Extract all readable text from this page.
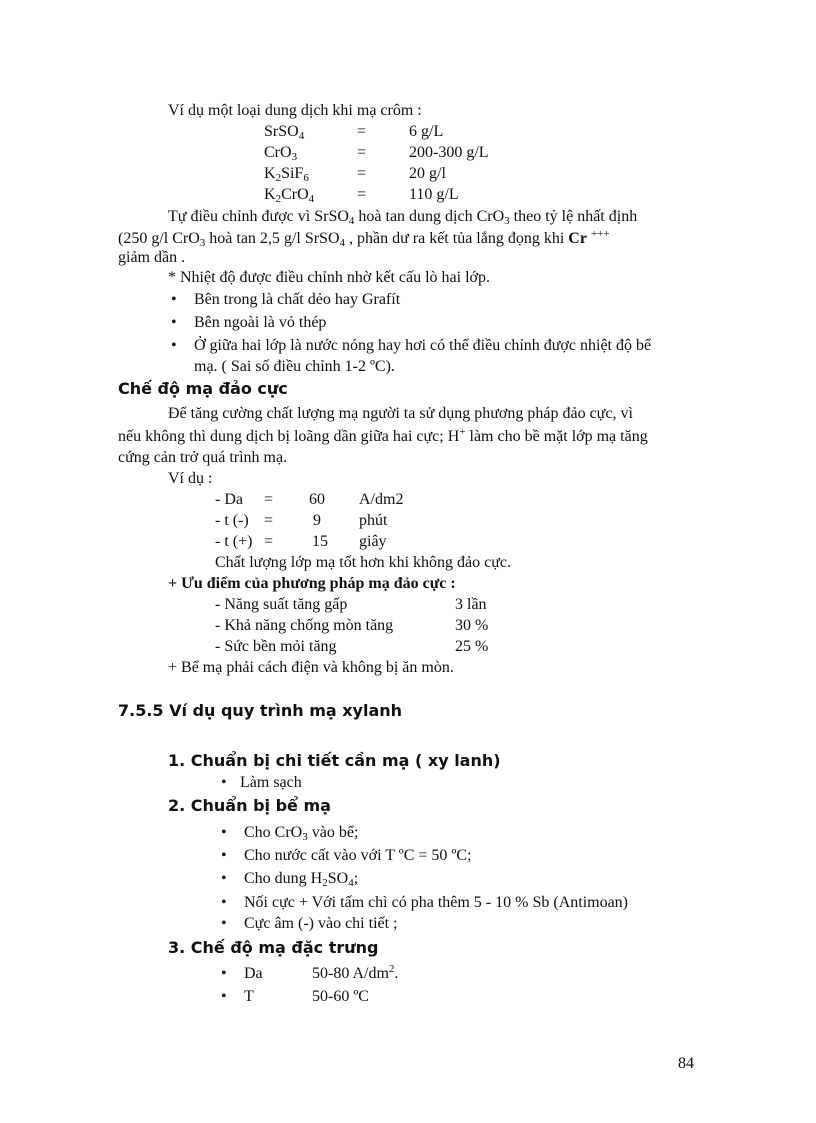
Ví dụ một loại dung dịch khi mạ crôm :
SrSO$_4$	=	6 g/L
CrO$_3$	=	200-300 g/L
$K_2SiF_6$	=	20 g/l
$K_2CrO_4$	=	110 g/L
Tự điều chỉnh được vì SrSO$_4$ hoà tan dung dịch CrO$_3$ theo tỷ lệ nhất định
(250 g/l CrO$_3$ hoà tan 2,5 g/l SrSO$_4$ , phần dư ra kết tủa lắng đọng khi Cr +++
giảm dần .
* Nhiệt độ được điều chỉnh nhờ kết cấu lò hai lớp.
• Bên trong là chất dẻo hay Grafít
• Bên ngoài là vỏ thép
• Ở giữa hai lớp là nước nóng hay hơi có thể điều chỉnh được nhiệt độ bể
mạ. ( Sai số điều chỉnh 1-2 ºC).
Chế độ mạ đảo cực
Để tăng cường chất lượng mạ người ta sử dụng phương pháp đảo cực, vì
nếu không thì dung dịch bị loãng dần giữa hai cực; H+ làm cho bề mặt lớp mạ tăng
cứng cản trở quá trình mạ.
Ví dụ :
- Da = 60 A/dm2
- t (-) = 9 phút
- t (+) = 15 giây
Chất lượng lớp mạ tốt hơn khi không đảo cực.
+ Ưu điểm của phương pháp mạ đảo cực :
- Năng suất tăng gấp	3 lần
- Khả năng chống mòn tăng	30 %
- Sức bền mỏi tăng	25 %
+ Bể mạ phải cách điện và không bị ăn mòn.
7.5.5 Ví dụ quy trình mạ xylanh
1. Chuẩn bị chi tiết cần mạ ( xy lanh)
• Làm sạch
2. Chuẩn bị bể mạ
• Cho CrO$_3$ vào bể;
• Cho nước cất vào với T ºC = 50 ºC;
• Cho dung $H_2SO_4$;
• Nối cực + Với tấm chì có pha thêm 5 - 10 % Sb (Antimoan)
• Cực âm (-) vào chi tiết ;
3. Chế độ mạ đặc trưng
• Da	50-80 $A/dm^2$.
• T	50-60 ºC
84
